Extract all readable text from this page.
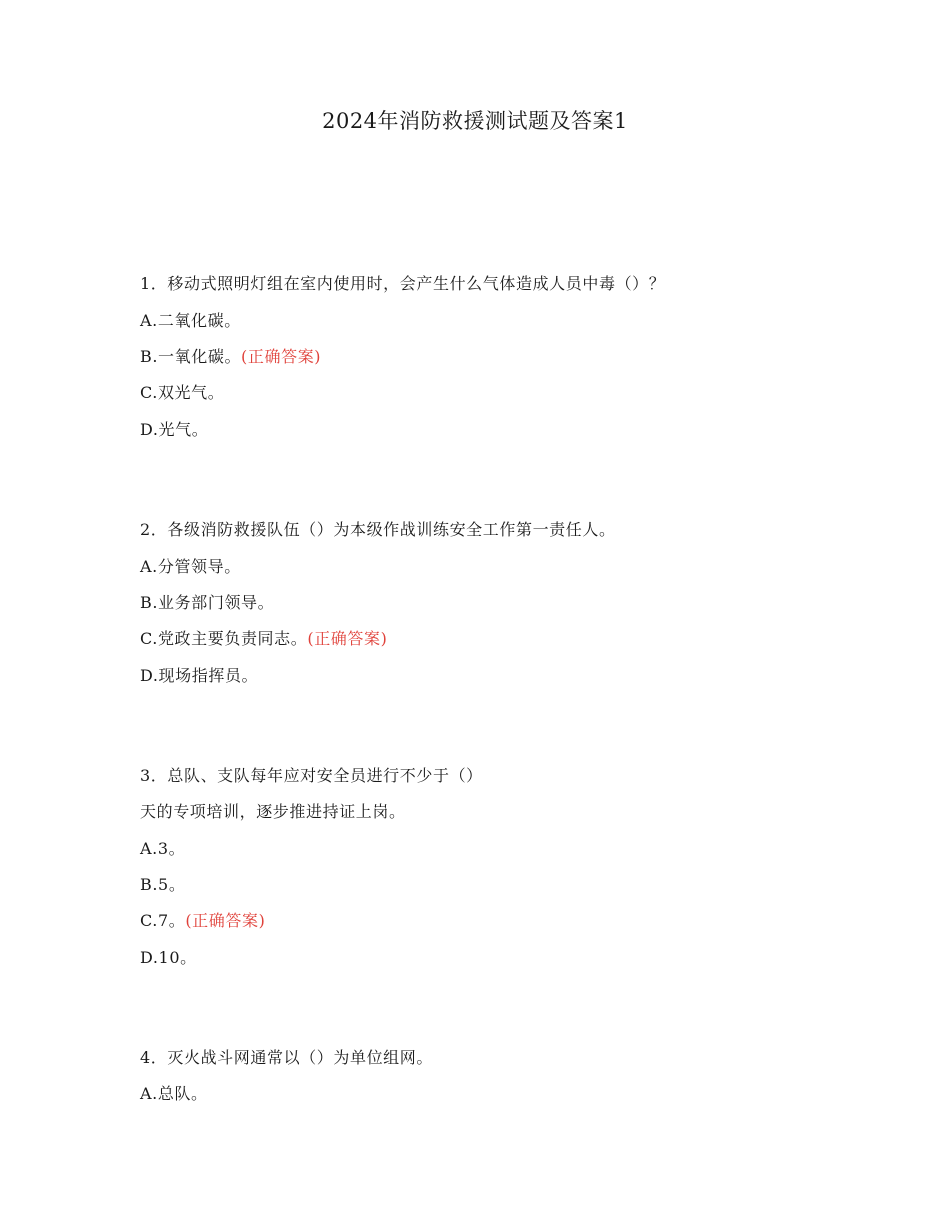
2024年消防救援测试题及答案1
1．移动式照明灯组在室内使用时，会产生什么气体造成人员中毒（）？
A.二氧化碳。
B.一氧化碳。(正确答案)
C.双光气。
D.光气。
2．各级消防救援队伍（）为本级作战训练安全工作第一责任人。
A.分管领导。
B.业务部门领导。
C.党政主要负责同志。(正确答案)
D.现场指挥员。
3．总队、支队每年应对安全员进行不少于（）
天的专项培训，逐步推进持证上岗。
A.3。
B.5。
C.7。(正确答案)
D.10。
4．灭火战斗网通常以（）为单位组网。
A.总队。
